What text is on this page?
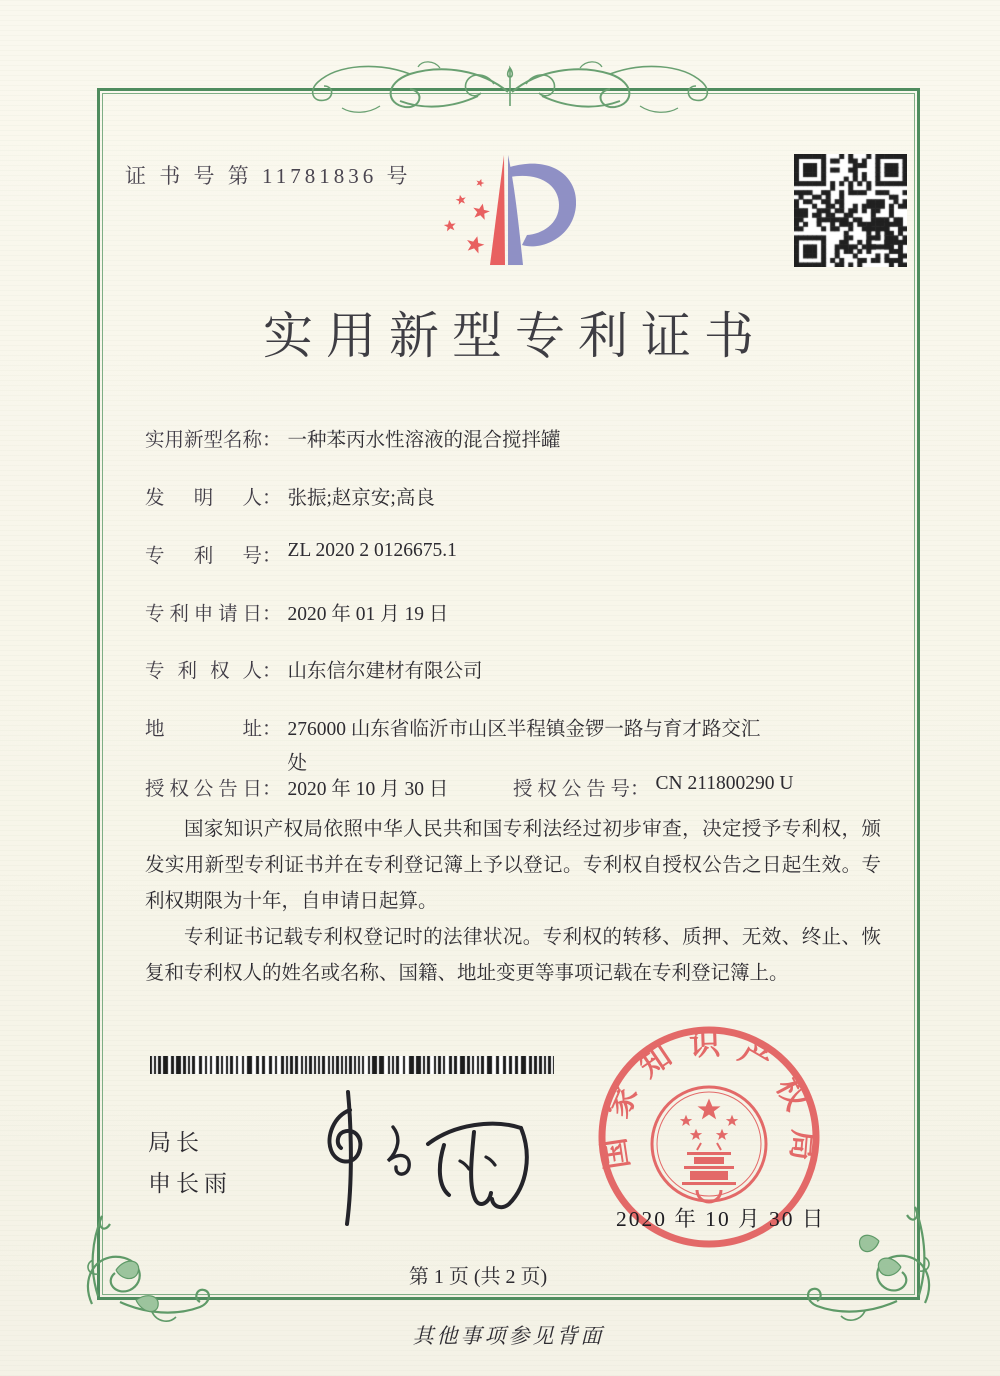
证 书 号 第 11781836 号
实用新型专利证书
实用新型名称： 一种苯丙水性溶液的混合搅拌罐
发明人： 张振;赵京安;高良
专利号： ZL 2020 2 0126675.1
专利申请日： 2020 年 01 月 19 日
专利权人： 山东信尔建材有限公司
地址： 276000 山东省临沂市山区半程镇金锣一路与育才路交汇处
授权公告日： 2020 年 10 月 30 日	授权公告号： CN 211800290 U

国家知识产权局依照中华人民共和国专利法经过初步审查，决定授予专利权，颁发实用新型专利证书并在专利登记簿上予以登记。专利权自授权公告之日起生效。专利权期限为十年，自申请日起算。

专利证书记载专利权登记时的法律状况。专利权的转移、质押、无效、终止、恢复和专利权人的姓名或名称、国籍、地址变更等事项记载在专利登记簿上。

局长
申长雨
国家知识产权局
2020 年 10 月 30 日
第 1 页 (共 2 页)
其他事项参见背面
